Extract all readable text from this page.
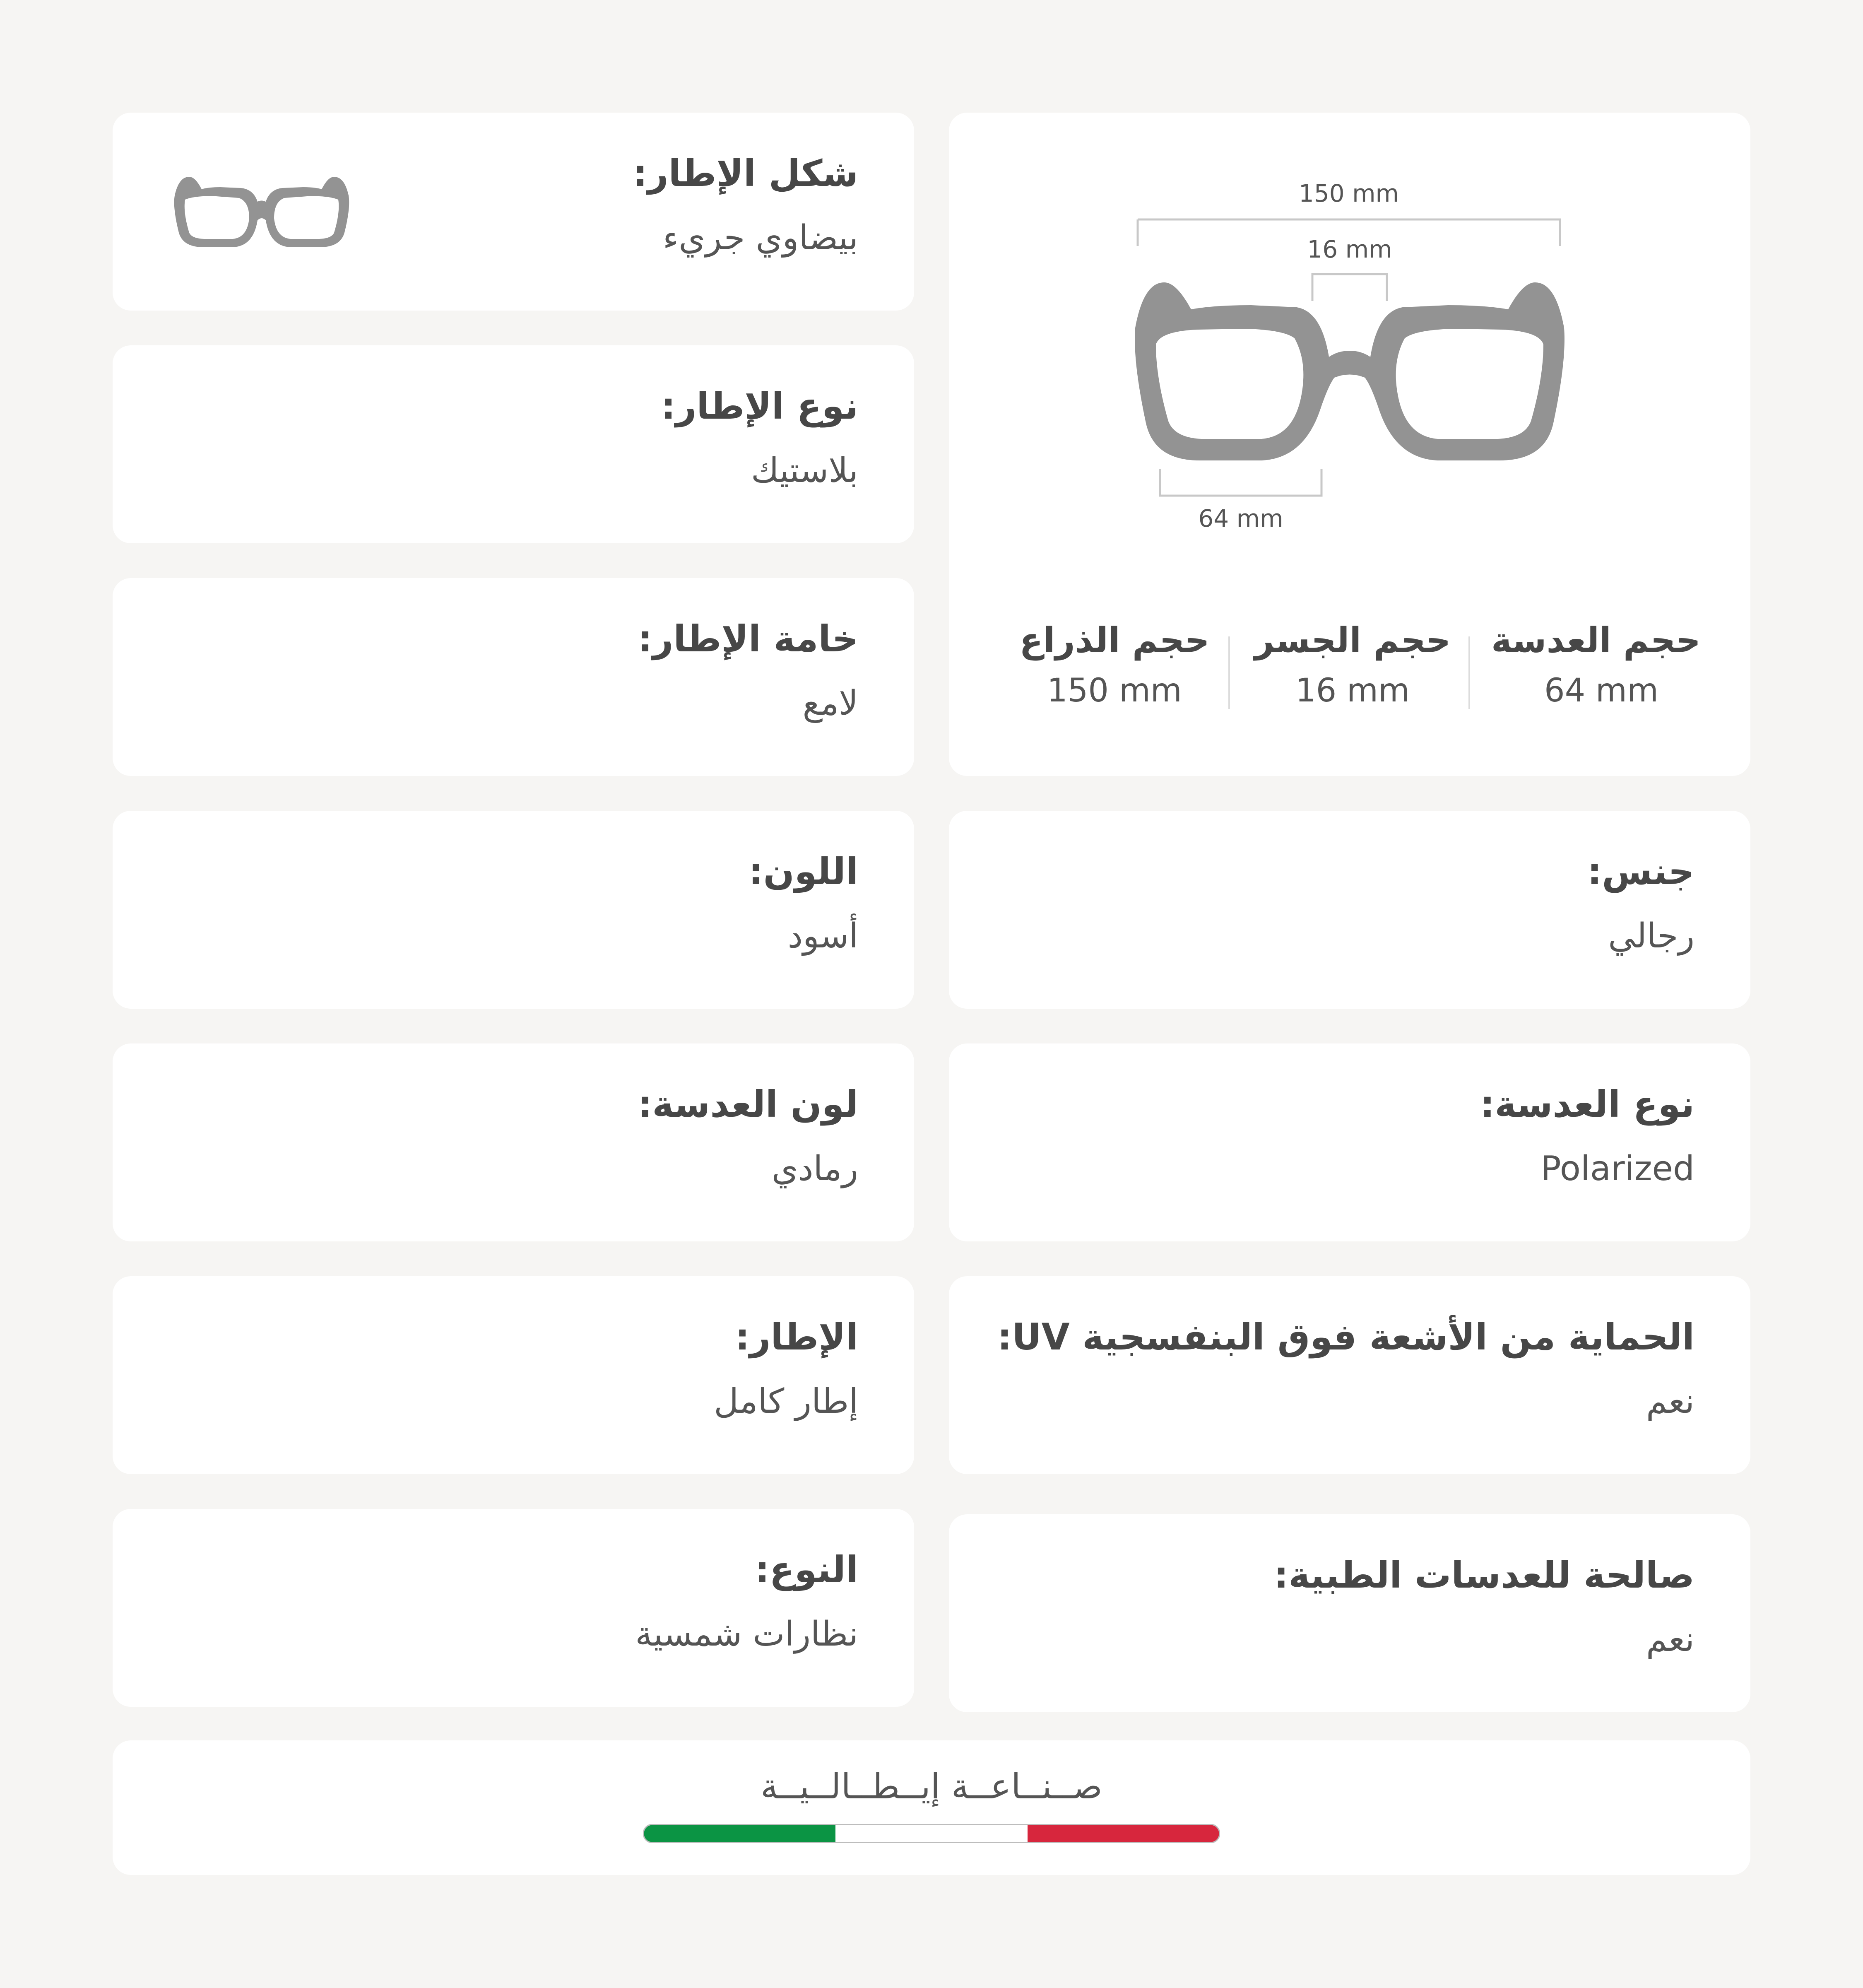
شكل الإطار:
بيضاوي جريء
نوع الإطار:
بلاستيك
خامة الإطار:
لامع
اللون:
أسود
لون العدسة:
رمادي
الإطار:
إطار كامل
النوع:
نظارات شمسية
150 mm
16 mm
64 mm
حجم العدسة
64 mm
حجم الجسر
16 mm
حجم الذراع
150 mm
جنس:
رجالي
نوع العدسة:
Polarized
الحماية من الأشعة فوق البنفسجية UV:
نعم
صالحة للعدسات الطبية:
نعم
صــنــاعــة إيــطــالــيــة
